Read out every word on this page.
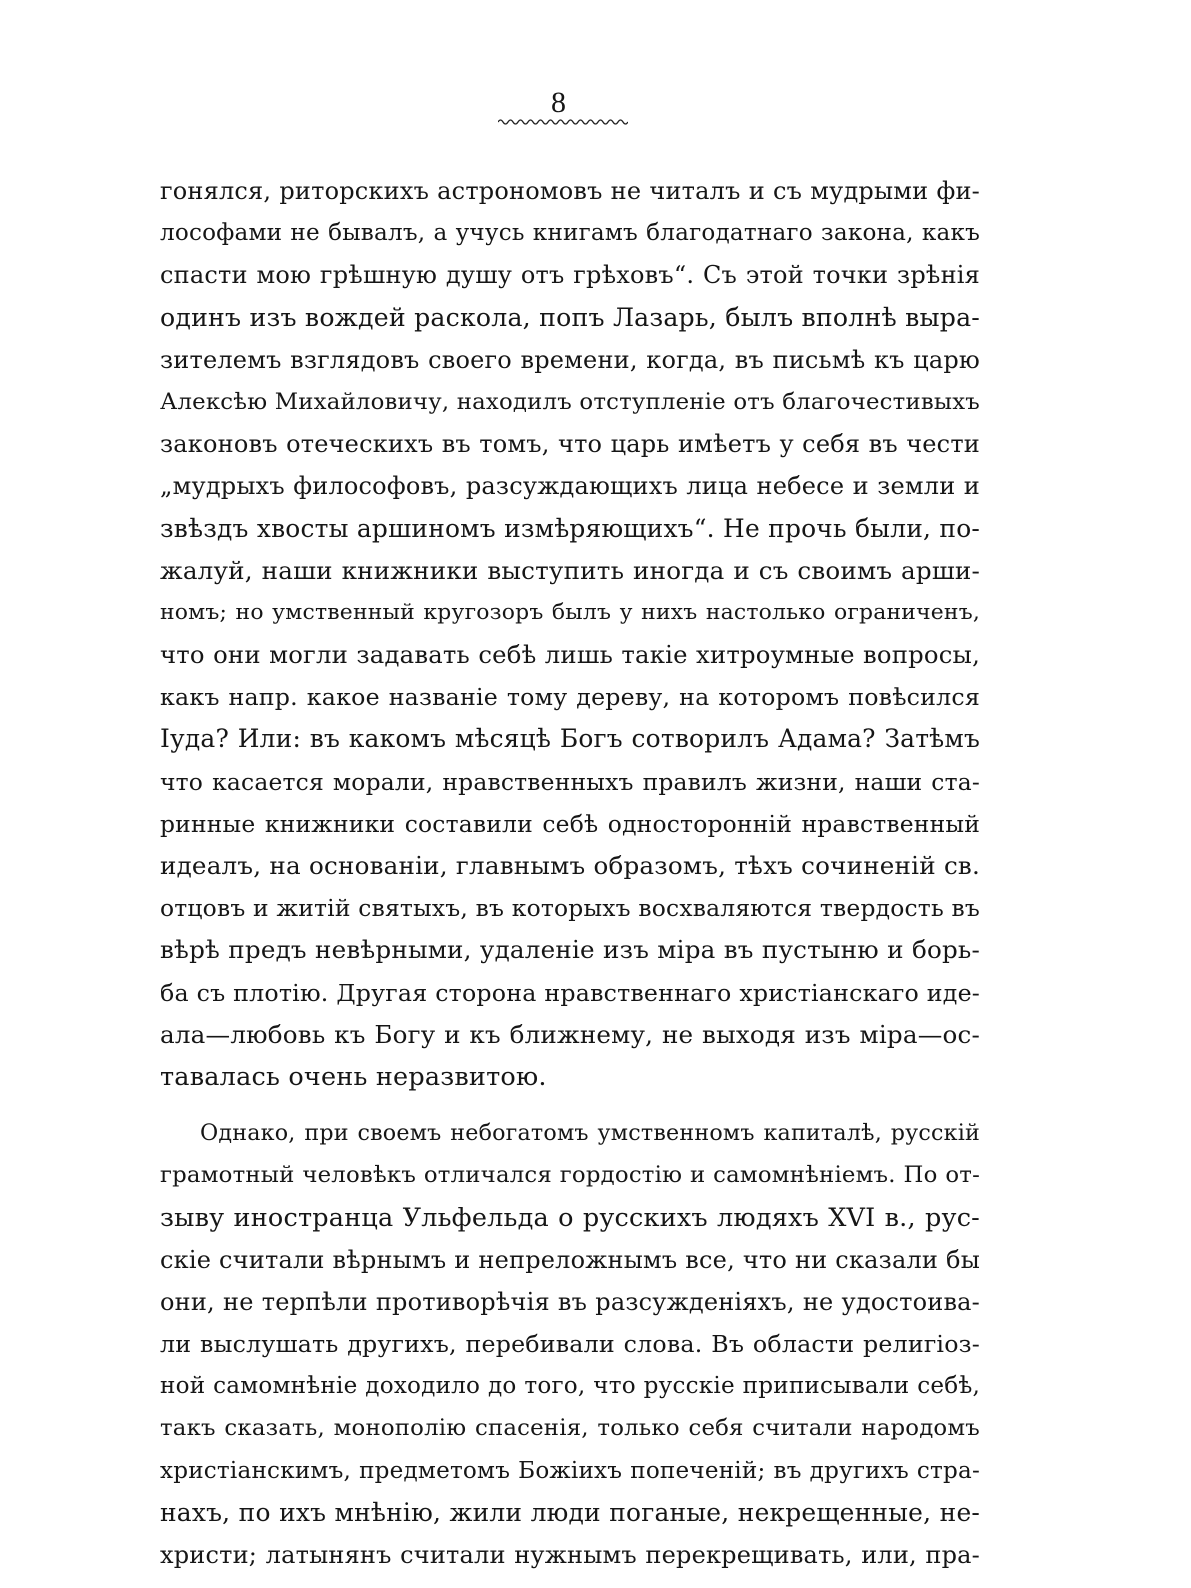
8
гонялся, риторскихъ астрономовъ не читалъ и съ мудрыми фи-
лософами не бывалъ, а учусь книгамъ благодатнаго закона, какъ
спасти мою грѣшную душу отъ грѣховъ“. Съ этой точки зрѣнія
одинъ изъ вождей раскола, попъ Лазарь, былъ вполнѣ выра-
зителемъ взглядовъ своего времени, когда, въ письмѣ къ царю
Алексѣю Михайловичу, находилъ отступленіе отъ благочестивыхъ
законовъ отеческихъ въ томъ, что царь имѣетъ у себя въ чести
„мудрыхъ философовъ, разсуждающихъ лица небесе и земли и
звѣздъ хвосты аршиномъ измѣряющихъ“. Не прочь были, по-
жалуй, наши книжники выступить иногда и съ своимъ арши-
номъ; но умственный кругозоръ былъ у нихъ настолько ограниченъ,
что они могли задавать себѣ лишь такіе хитроумные вопросы,
какъ напр. какое названіе тому дереву, на которомъ повѣсился
Іуда? Или: въ какомъ мѣсяцѣ Богъ сотворилъ Адама? Затѣмъ
что касается морали, нравственныхъ правилъ жизни, наши ста-
ринные книжники составили себѣ односторонній нравственный
идеалъ, на основаніи, главнымъ образомъ, тѣхъ сочиненій св.
отцовъ и житій святыхъ, въ которыхъ восхваляются твердость въ
вѣрѣ предъ невѣрными, удаленіе изъ міра въ пустыню и борь-
ба съ плотію. Другая сторона нравственнаго христіанскаго иде-
ала—любовь къ Богу и къ ближнему, не выходя изъ міра—ос-
тавалась очень неразвитою.
Однако, при своемъ небогатомъ умственномъ капиталѣ, русскій
грамотный человѣкъ отличался гордостію и самомнѣніемъ. По от-
зыву иностранца Ульфельда о русскихъ людяхъ XVI в., рус-
скіе считали вѣрнымъ и непреложнымъ все, что ни сказали бы
они, не терпѣли противорѣчія въ разсужденіяхъ, не удостоива-
ли выслушать другихъ, перебивали слова. Въ области религіоз-
ной самомнѣніе доходило до того, что русскіе приписывали себѣ,
такъ сказать, монополію спасенія, только себя считали народомъ
христіанскимъ, предметомъ Божіихъ попеченій; въ другихъ стра-
нахъ, по ихъ мнѣнію, жили люди поганые, некрещенные, не-
христи; латынянъ считали нужнымъ перекрещивать, или, пра-
